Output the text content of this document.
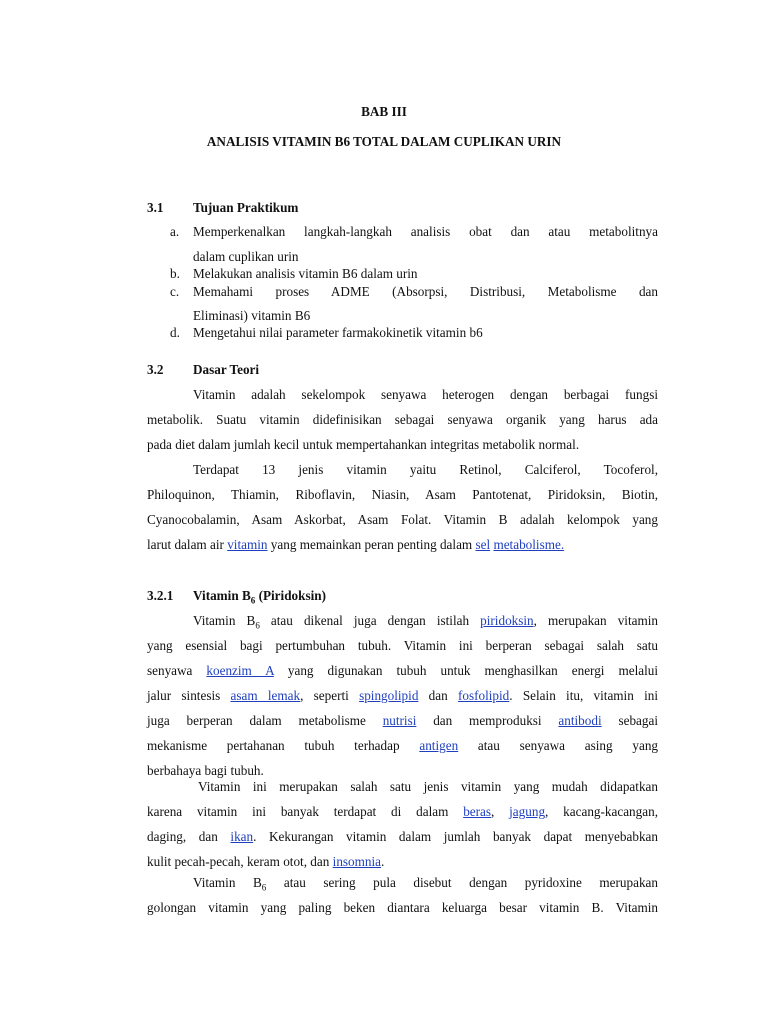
BAB III
ANALISIS VITAMIN B6 TOTAL DALAM CUPLIKAN URIN
3.1 Tujuan Praktikum
a. Memperkenalkan langkah-langkah analisis obat dan atau metabolitnya
dalam cuplikan urin
b. Melakukan analisis vitamin B6 dalam urin
c. Memahami proses ADME (Absorpsi, Distribusi, Metabolisme dan
Eliminasi) vitamin B6
d. Mengetahui nilai parameter farmakokinetik vitamin b6
3.2 Dasar Teori
Vitamin adalah sekelompok senyawa heterogen dengan berbagai fungsi
metabolik. Suatu vitamin didefinisikan sebagai senyawa organik yang harus ada
pada diet dalam jumlah kecil untuk mempertahankan integritas metabolik normal.
Terdapat 13 jenis vitamin yaitu Retinol, Calciferol, Tocoferol,
Philoquinon, Thiamin, Riboflavin, Niasin, Asam Pantotenat, Piridoksin, Biotin,
Cyanocobalamin, Asam Askorbat, Asam Folat. Vitamin B adalah kelompok yang
larut dalam air vitamin yang memainkan peran penting dalam sel metabolisme.
3.2.1 Vitamin $B_6$ (Piridoksin)
Vitamin $B_6$ atau dikenal juga dengan istilah piridoksin, merupakan vitamin
yang esensial bagi pertumbuhan tubuh. Vitamin ini berperan sebagai salah satu
senyawa koenzim A yang digunakan tubuh untuk menghasilkan energi melalui
jalur sintesis asam lemak, seperti spingolipid dan fosfolipid. Selain itu, vitamin ini
juga berperan dalam metabolisme nutrisi dan memproduksi antibodi sebagai
mekanisme pertahanan tubuh terhadap antigen atau senyawa asing yang
berbahaya bagi tubuh.
Vitamin ini merupakan salah satu jenis vitamin yang mudah didapatkan
karena vitamin ini banyak terdapat di dalam beras, jagung, kacang-kacangan,
daging, dan ikan. Kekurangan vitamin dalam jumlah banyak dapat menyebabkan
kulit pecah-pecah, keram otot, dan insomnia.
Vitamin $B_6$ atau sering pula disebut dengan pyridoxine merupakan
golongan vitamin yang paling beken diantara keluarga besar vitamin B. Vitamin
